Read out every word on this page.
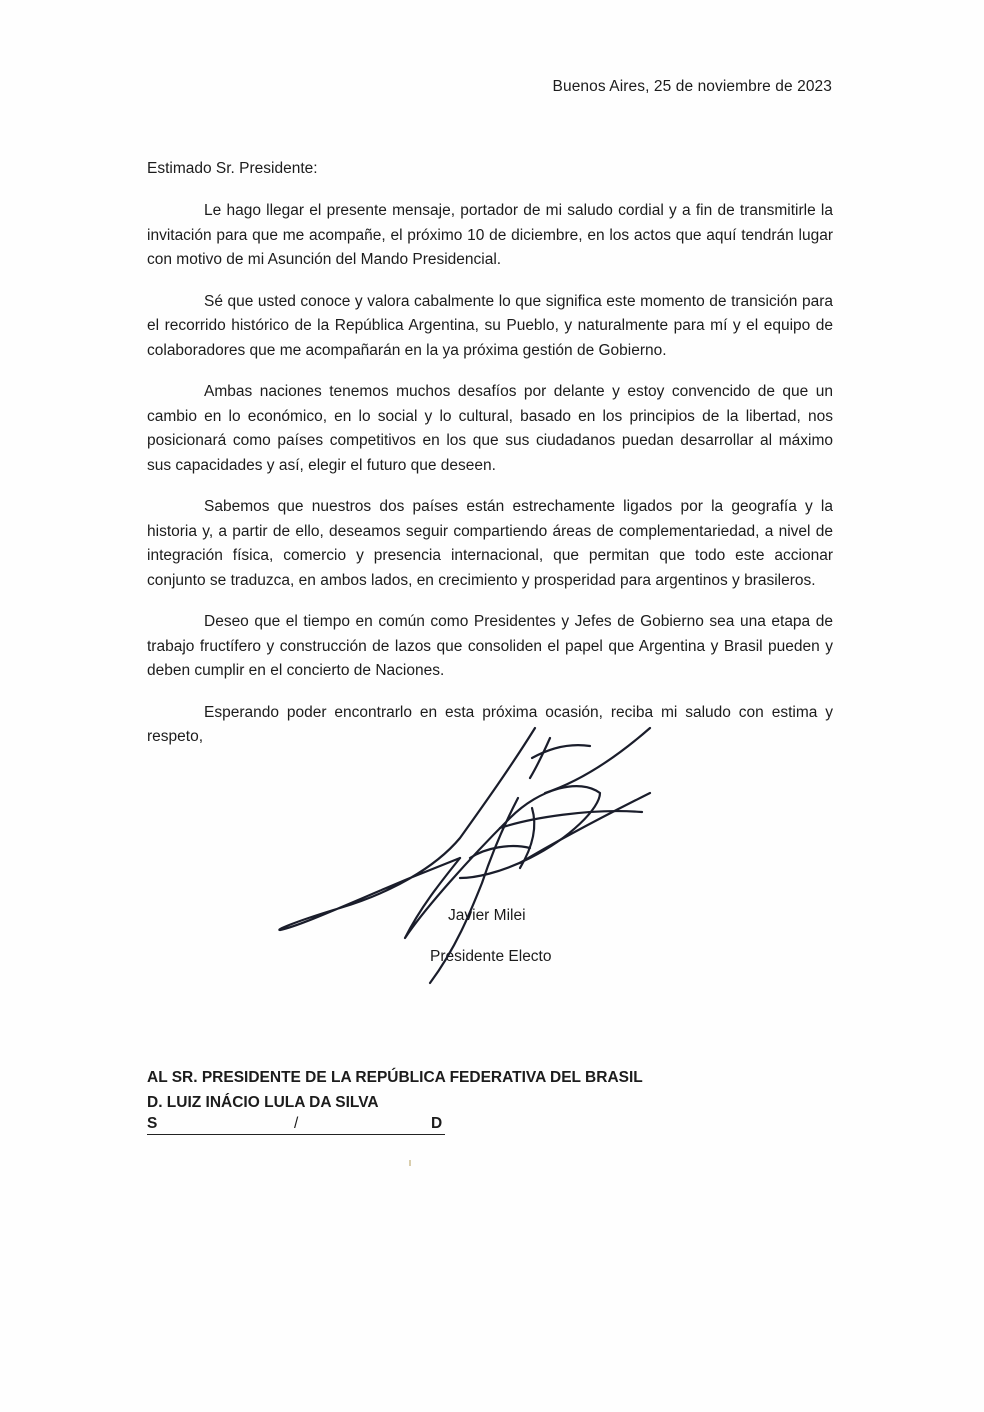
Buenos Aires, 25 de noviembre de 2023
Estimado Sr. Presidente:

Le hago llegar el presente mensaje, portador de mi saludo cordial y a fin de transmitirle la invitación para que me acompañe, el próximo 10 de diciembre, en los actos que aquí tendrán lugar con motivo de mi Asunción del Mando Presidencial.

Sé que usted conoce y valora cabalmente lo que significa este momento de transición para el recorrido histórico de la República Argentina, su Pueblo, y naturalmente para mí y el equipo de colaboradores que me acompañarán en la ya próxima gestión de Gobierno.

Ambas naciones tenemos muchos desafíos por delante y estoy convencido de que un cambio en lo económico, en lo social y lo cultural, basado en los principios de la libertad, nos posicionará como países competitivos en los que sus ciudadanos puedan desarrollar al máximo sus capacidades y así, elegir el futuro que deseen.

Sabemos que nuestros dos países están estrechamente ligados por la geografía y la historia y, a partir de ello, deseamos seguir compartiendo áreas de complementariedad, a nivel de integración física, comercio y presencia internacional, que permitan que todo este accionar conjunto se traduzca, en ambos lados, en crecimiento y prosperidad para argentinos y brasileros.

Deseo que el tiempo en común como Presidentes y Jefes de Gobierno sea una etapa de trabajo fructífero y construcción de lazos que consoliden el papel que Argentina y Brasil pueden y deben cumplir en el concierto de Naciones.

Esperando poder encontrarlo en esta próxima ocasión, reciba mi saludo con estima y respeto,

Javier Milei
Presidente Electo
AL SR. PRESIDENTE DE LA REPÚBLICA FEDERATIVA DEL BRASIL
D. LUIZ INÁCIO LULA DA SILVA
S	/	D
